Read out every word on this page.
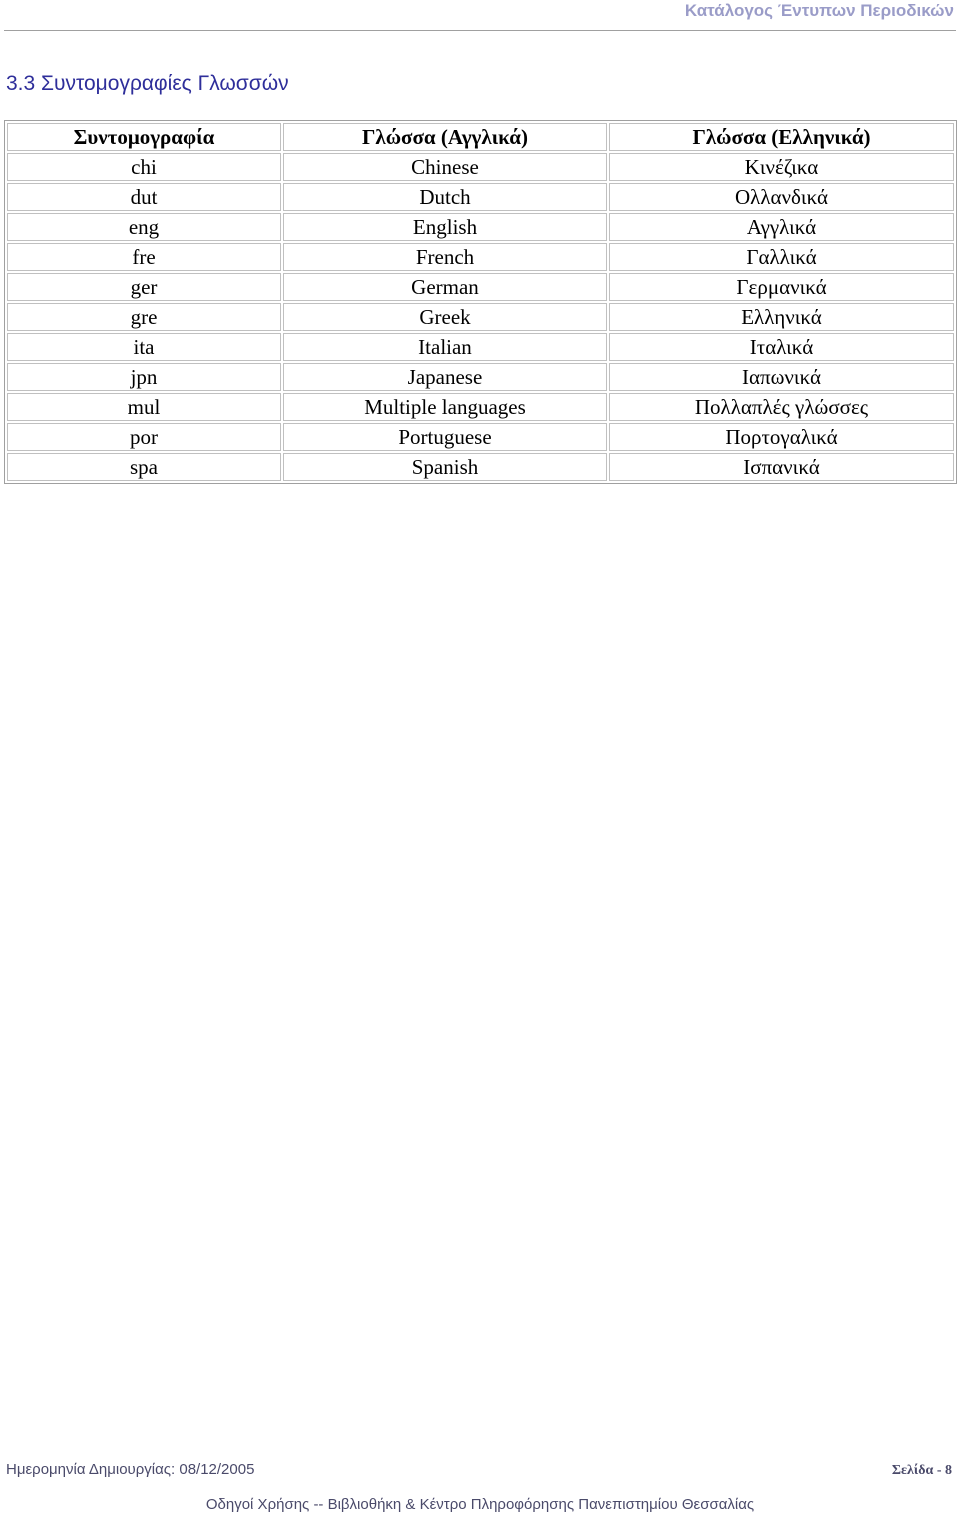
Κατάλογος Έντυπων Περιοδικών
3.3 Συντομογραφίες Γλωσσών
Συντομογραφία	Γλώσσα (Αγγλικά)	Γλώσσα (Ελληνικά)
chi	Chinese	Κινέζικα
dut	Dutch	Ολλανδικά
eng	English	Αγγλικά
fre	French	Γαλλικά
ger	German	Γερμανικά
gre	Greek	Ελληνικά
ita	Italian	Ιταλικά
jpn	Japanese	Ιαπωνικά
mul	Multiple languages	Πολλαπλές γλώσσες
por	Portuguese	Πορτογαλικά
spa	Spanish	Ισπανικά
Ημερομηνία Δημιουργίας: 08/12/2005	Σελίδα - 8
Οδηγοί Χρήσης -- Βιβλιοθήκη & Κέντρο Πληροφόρησης Πανεπιστημίου Θεσσαλίας
